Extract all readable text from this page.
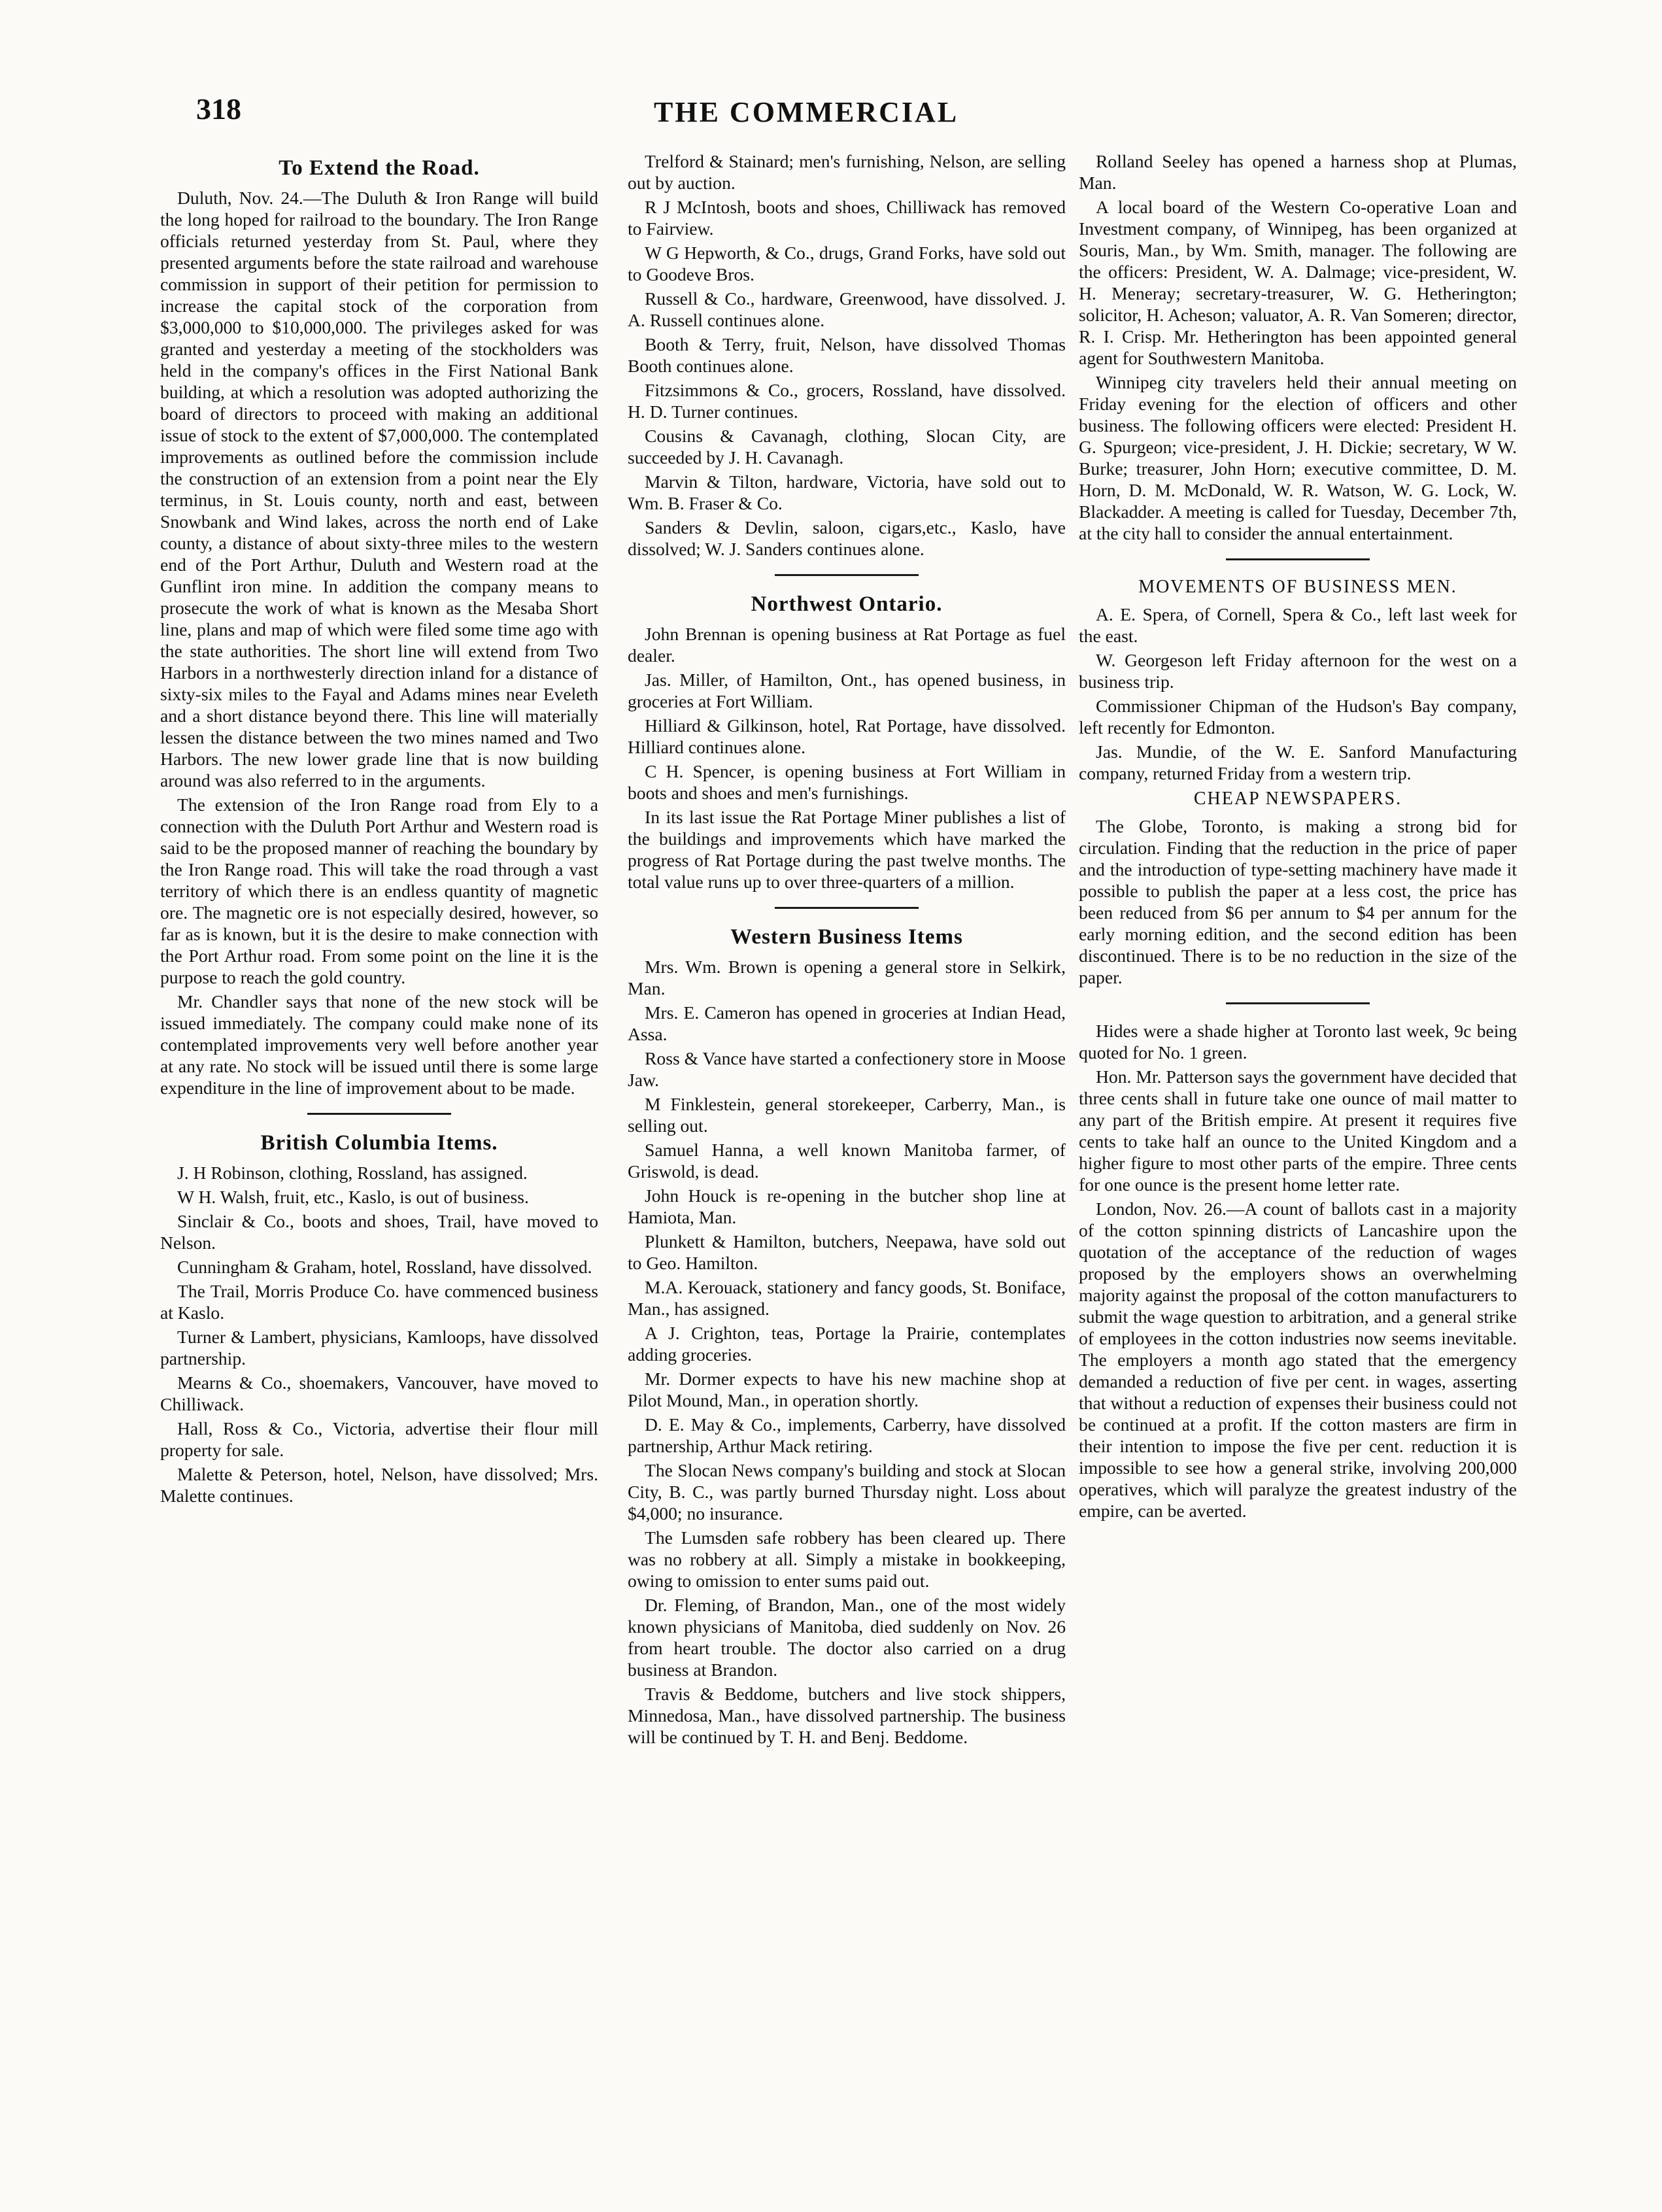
318	THE COMMERCIAL
To Extend the Road.

Duluth, Nov. 24.—The Duluth & Iron Range will build the long hoped for railroad to the boundary. The Iron Range officials returned yesterday from St. Paul, where they presented arguments before the state railroad and warehouse commission in support of their petition for permission to increase the capital stock of the corporation from $3,000,000 to $10,000,000. The privileges asked for was granted and yesterday a meeting of the stockholders was held in the company's offices in the First National Bank building, at which a resolution was adopted authorizing the board of directors to proceed with making an additional issue of stock to the extent of $7,000,000. The contemplated improvements as outlined before the commission include the construction of an extension from a point near the Ely terminus, in St. Louis county, north and east, between Snowbank and Wind lakes, across the north end of Lake county, a distance of about sixty-three miles to the western end of the Port Arthur, Duluth and Western road at the Gunflint iron mine. In addition the company means to prosecute the work of what is known as the Mesaba Short line, plans and map of which were filed some time ago with the state authorities. The short line will extend from Two Harbors in a northwesterly direction inland for a distance of sixty-six miles to the Fayal and Adams mines near Eveleth and a short distance beyond there. This line will materially lessen the distance between the two mines named and Two Harbors. The new lower grade line that is now building around was also referred to in the arguments.

The extension of the Iron Range road from Ely to a connection with the Duluth Port Arthur and Western road is said to be the proposed manner of reaching the boundary by the Iron Range road. This will take the road through a vast territory of which there is an endless quantity of magnetic ore. The magnetic ore is not especially desired, however, so far as is known, but it is the desire to make connection with the Port Arthur road. From some point on the line it is the purpose to reach the gold country.

Mr. Chandler says that none of the new stock will be issued immediately. The company could make none of its contemplated improvements very well before another year at any rate. No stock will be issued until there is some large expenditure in the line of improvement about to be made.

British Columbia Items.

J. H Robinson, clothing, Rossland, has assigned.

W H. Walsh, fruit, etc., Kaslo, is out of business.

Sinclair & Co., boots and shoes, Trail, have moved to Nelson.

Cunningham & Graham, hotel, Rossland, have dissolved.

The Trail, Morris Produce Co. have commenced business at Kaslo.

Turner & Lambert, physicians, Kamloops, have dissolved partnership.

Mearns & Co., shoemakers, Vancouver, have moved to Chilliwack.

Hall, Ross & Co., Victoria, advertise their flour mill property for sale.

Malette & Peterson, hotel, Nelson, have dissolved; Mrs. Malette continues.

Trelford & Stainard; men's furnishing, Nelson, are selling out by auction.

R J McIntosh, boots and shoes, Chilliwack has removed to Fairview.

W G Hepworth, & Co., drugs, Grand Forks, have sold out to Goodeve Bros.

Russell & Co., hardware, Greenwood, have dissolved. J. A. Russell continues alone.

Booth & Terry, fruit, Nelson, have dissolved Thomas Booth continues alone.

Fitzsimmons & Co., grocers, Rossland, have dissolved. H. D. Turner continues.

Cousins & Cavanagh, clothing, Slocan City, are succeeded by J. H. Cavanagh.

Marvin & Tilton, hardware, Victoria, have sold out to Wm. B. Fraser & Co.

Sanders & Devlin, saloon, cigars,etc., Kaslo, have dissolved; W. J. Sanders continues alone.

Northwest Ontario.

John Brennan is opening business at Rat Portage as fuel dealer.

Jas. Miller, of Hamilton, Ont., has opened business, in groceries at Fort William.

Hilliard & Gilkinson, hotel, Rat Portage, have dissolved. Hilliard continues alone.

C H. Spencer, is opening business at Fort William in boots and shoes and men's furnishings.

In its last issue the Rat Portage Miner publishes a list of the buildings and improvements which have marked the progress of Rat Portage during the past twelve months. The total value runs up to over three-quarters of a million.

Western Business Items

Mrs. Wm. Brown is opening a general store in Selkirk, Man.

Mrs. E. Cameron has opened in groceries at Indian Head, Assa.

Ross & Vance have started a confectionery store in Moose Jaw.

M Finklestein, general storekeeper, Carberry, Man., is selling out.

Samuel Hanna, a well known Manitoba farmer, of Griswold, is dead.

John Houck is re-opening in the butcher shop line at Hamiota, Man.

Plunkett & Hamilton, butchers, Neepawa, have sold out to Geo. Hamilton.

M.A. Kerouack, stationery and fancy goods, St. Boniface, Man., has assigned.

A J. Crighton, teas, Portage la Prairie, contemplates adding groceries.

Mr. Dormer expects to have his new machine shop at Pilot Mound, Man., in operation shortly.

D. E. May & Co., implements, Carberry, have dissolved partnership, Arthur Mack retiring.

The Slocan News company's building and stock at Slocan City, B. C., was partly burned Thursday night. Loss about $4,000; no insurance.

The Lumsden safe robbery has been cleared up. There was no robbery at all. Simply a mistake in bookkeeping, owing to omission to enter sums paid out.

Dr. Fleming, of Brandon, Man., one of the most widely known physicians of Manitoba, died suddenly on Nov. 26 from heart trouble. The doctor also carried on a drug business at Brandon.

Travis & Beddome, butchers and live stock shippers, Minnedosa, Man., have dissolved partnership. The business will be continued by T. H. and Benj. Beddome.

Rolland Seeley has opened a harness shop at Plumas, Man.

A local board of the Western Co-operative Loan and Investment company, of Winnipeg, has been organized at Souris, Man., by Wm. Smith, manager. The following are the officers: President, W. A. Dalmage; vice-president, W. H. Meneray; secretary-treasurer, W. G. Hetherington; solicitor, H. Acheson; valuator, A. R. Van Someren; director, R. I. Crisp. Mr. Hetherington has been appointed general agent for Southwestern Manitoba.

Winnipeg city travelers held their annual meeting on Friday evening for the election of officers and other business. The following officers were elected: President H. G. Spurgeon; vice-president, J. H. Dickie; secretary, W W. Burke; treasurer, John Horn; executive committee, D. M. Horn, D. M. McDonald, W. R. Watson, W. G. Lock, W. Blackadder. A meeting is called for Tuesday, December 7th, at the city hall to consider the annual entertainment.

MOVEMENTS OF BUSINESS MEN.

A. E. Spera, of Cornell, Spera & Co., left last week for the east.

W. Georgeson left Friday afternoon for the west on a business trip.

Commissioner Chipman of the Hudson's Bay company, left recently for Edmonton.

Jas. Mundie, of the W. E. Sanford Manufacturing company, returned Friday from a western trip.

CHEAP NEWSPAPERS.

The Globe, Toronto, is making a strong bid for circulation. Finding that the reduction in the price of paper and the introduction of type-setting machinery have made it possible to publish the paper at a less cost, the price has been reduced from $6 per annum to $4 per annum for the early morning edition, and the second edition has been discontinued. There is to be no reduction in the size of the paper.

Hides were a shade higher at Toronto last week, 9c being quoted for No. 1 green.

Hon. Mr. Patterson says the government have decided that three cents shall in future take one ounce of mail matter to any part of the British empire. At present it requires five cents to take half an ounce to the United Kingdom and a higher figure to most other parts of the empire. Three cents for one ounce is the present home letter rate.

London, Nov. 26.—A count of ballots cast in a majority of the cotton spinning districts of Lancashire upon the quotation of the acceptance of the reduction of wages proposed by the employers shows an overwhelming majority against the proposal of the cotton manufacturers to submit the wage question to arbitration, and a general strike of employees in the cotton industries now seems inevitable. The employers a month ago stated that the emergency demanded a reduction of five per cent. in wages, asserting that without a reduction of expenses their business could not be continued at a profit. If the cotton masters are firm in their intention to impose the five per cent. reduction it is impossible to see how a general strike, involving 200,000 operatives, which will paralyze the greatest industry of the empire, can be averted.
